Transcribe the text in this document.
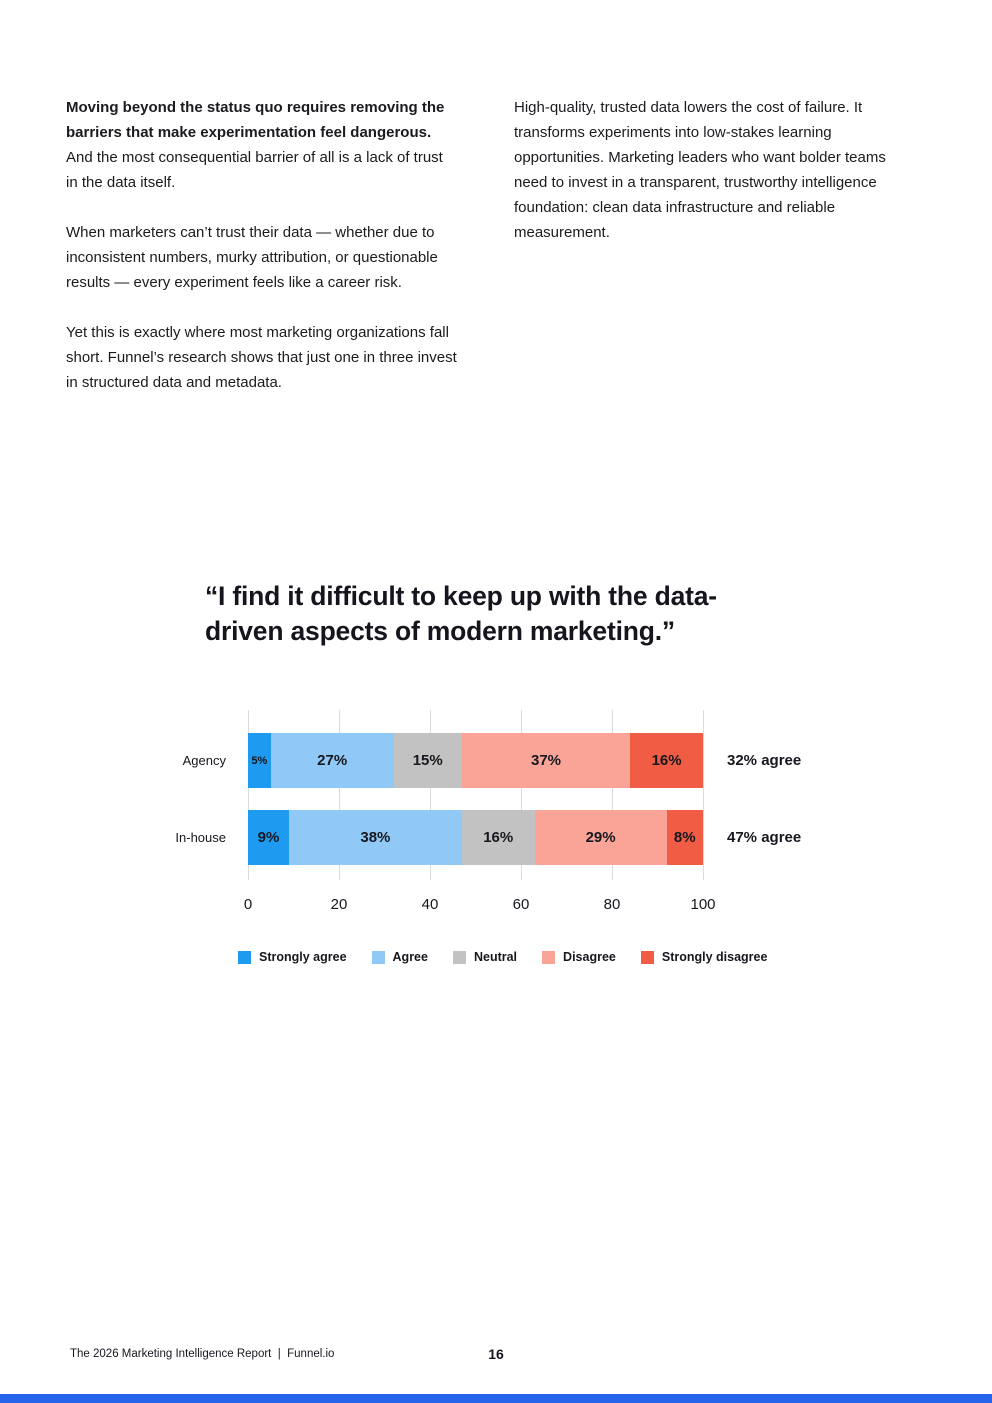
Moving beyond the status quo requires removing the barriers that make experimentation feel dangerous. And the most consequential barrier of all is a lack of trust in the data itself.

When marketers can’t trust their data — whether due to inconsistent numbers, murky attribution, or questionable results — every experiment feels like a career risk.

Yet this is exactly where most marketing organizations fall short. Funnel’s research shows that just one in three invest in structured data and metadata.

High-quality, trusted data lowers the cost of failure. It transforms experiments into low-stakes learning opportunities. Marketing leaders who want bolder teams need to invest in a transparent, trustworthy intelligence foundation: clean data infrastructure and reliable measurement.

“I find it difficult to keep up with the data-
driven aspects of modern marketing.”
5%	27%	15%	37%	16%
9%	38%	16%	29%	8%
Strongly agree	Agree	Neutral	Disagree	Strongly disagree
0	20	40	60	80	100
Agency	32% agree
In-house	47% agree
The 2026 Marketing Intelligence Report  |  Funnel.io	16
